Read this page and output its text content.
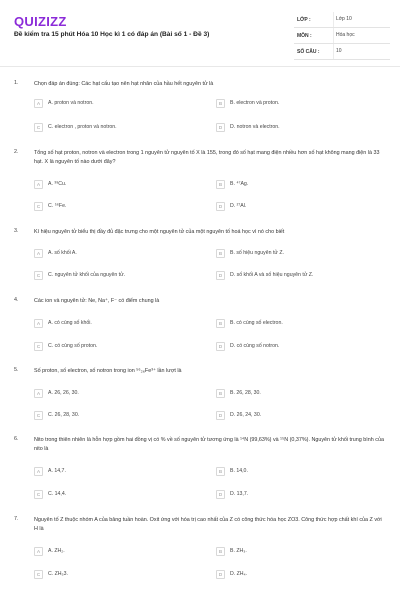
QUIZIZZ
Đề kiểm tra 15 phút Hóa 10 Học kì 1 có đáp án (Bài số 1 - Đề 3)
LỚP :	Lớp 10
MÔN :	Hóa học
SỐ CÂU :	10
1.	Chọn đáp án đúng: Các hạt cấu tạo nên hạt nhân của hầu hết nguyên tử là
A	A. proton và notron.	B	B. electron và proton.
C	C. electron , proton và notron.	D	D. notron và electron.
2.	Tổng số hạt proton, notron và electron trong 1 nguyên tử nguyên tố X là 155, trong đó số hạt mang điện nhiều hơn số hạt không mang điện là 33 hạt. X là nguyên tố nào dưới đây?
A	A. ³⁹Cu.	B	B. ⁴⁷Ag.
C	C. ⁵⁶Fe.	D	D. ²⁷Al.
3.	Kí hiệu nguyên tử biểu thị đầy đủ đặc trưng cho một nguyên tử của một nguyên tố hoá học vì nó cho biết
A	A. số khối A.	B	B. số hiệu nguyên tử Z.
C	C. nguyên tử khối của nguyên tử.	D	D. số khối A và số hiệu nguyên tử Z.
4.	Các ion và nguyên tử: Ne, Na⁺, F⁻ có điểm chung là
A	A. có cùng số khối.	B	B. có cùng số electron.
C	C. có cùng số proton.	D	D. có cùng số notron.
5.	Số proton, số electron, số notron trong ion ⁵⁶₂₆Fe³⁺ lần lượt là
A	A. 26, 26, 30.	B	B. 26, 28, 30.
C	C. 26, 28, 30.	D	D. 26, 24, 30.
6.	Nito trong thiên nhiên là hỗn hợp gồm hai đồng vị có % về số nguyên tử tương ứng là ¹⁴N (99,63%) và ¹⁵N (0,37%). Nguyên tử khối trung bình của nito là
A	A. 14,7.	B	B. 14,0.
C	C. 14,4.	D	D. 13,7.
7.	Nguyên tố Z thuộc nhóm A của bảng tuần hoàn. Oxit ứng với hóa trị cao nhất của Z có công thức hóa học ZO3. Công thức hợp chất khí của Z với H là
A	A. ZH₂.	B	B. ZH₃.
C	C. ZH₅3.	D	D. ZH₄.
